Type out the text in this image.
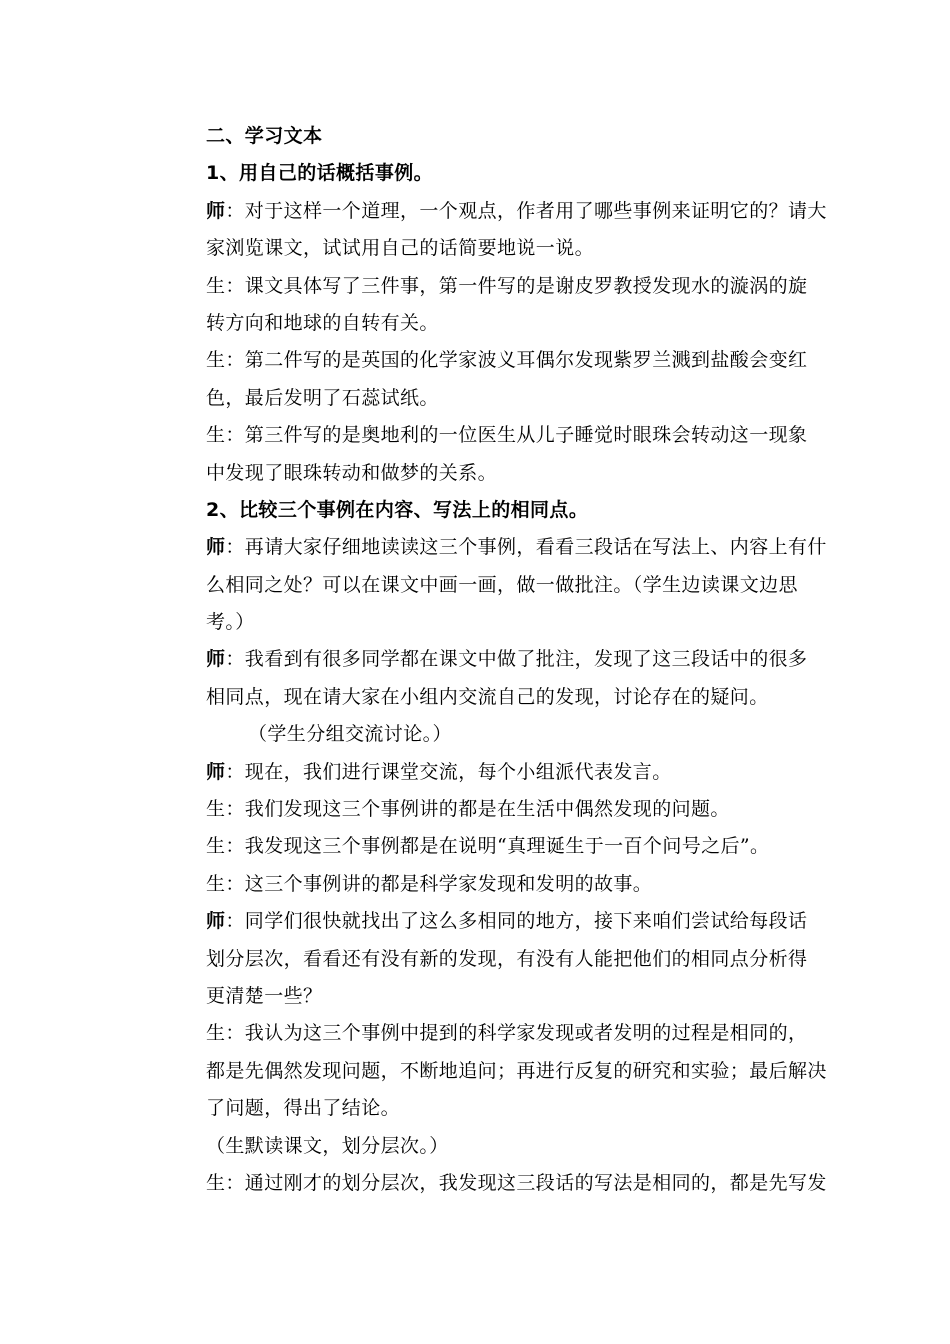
二、学习文本
1、用自己的话概括事例。
师：对于这样一个道理，一个观点，作者用了哪些事例来证明它的？请大
家浏览课文，试试用自己的话简要地说一说。
生：课文具体写了三件事，第一件写的是谢皮罗教授发现水的漩涡的旋
转方向和地球的自转有关。
生：第二件写的是英国的化学家波义耳偶尔发现紫罗兰溅到盐酸会变红
色，最后发明了石蕊试纸。
生：第三件写的是奥地利的一位医生从儿子睡觉时眼珠会转动这一现象
中发现了眼珠转动和做梦的关系。
2、比较三个事例在内容、写法上的相同点。
师：再请大家仔细地读读这三个事例，看看三段话在写法上、内容上有什
么相同之处？可以在课文中画一画，做一做批注。（学生边读课文边思
考。）
师：我看到有很多同学都在课文中做了批注，发现了这三段话中的很多
相同点，现在请大家在小组内交流自己的发现，讨论存在的疑问。
（学生分组交流讨论。）
师：现在，我们进行课堂交流，每个小组派代表发言。
生：我们发现这三个事例讲的都是在生活中偶然发现的问题。
生：我发现这三个事例都是在说明“真理诞生于一百个问号之后”。
生：这三个事例讲的都是科学家发现和发明的故事。
师：同学们很快就找出了这么多相同的地方，接下来咱们尝试给每段话
划分层次，看看还有没有新的发现，有没有人能把他们的相同点分析得
更清楚一些？
生：我认为这三个事例中提到的科学家发现或者发明的过程是相同的，
都是先偶然发现问题，不断地追问；再进行反复的研究和实验；最后解决
了问题，得出了结论。
（生默读课文，划分层次。）
生：通过刚才的划分层次，我发现这三段话的写法是相同的，都是先写发
